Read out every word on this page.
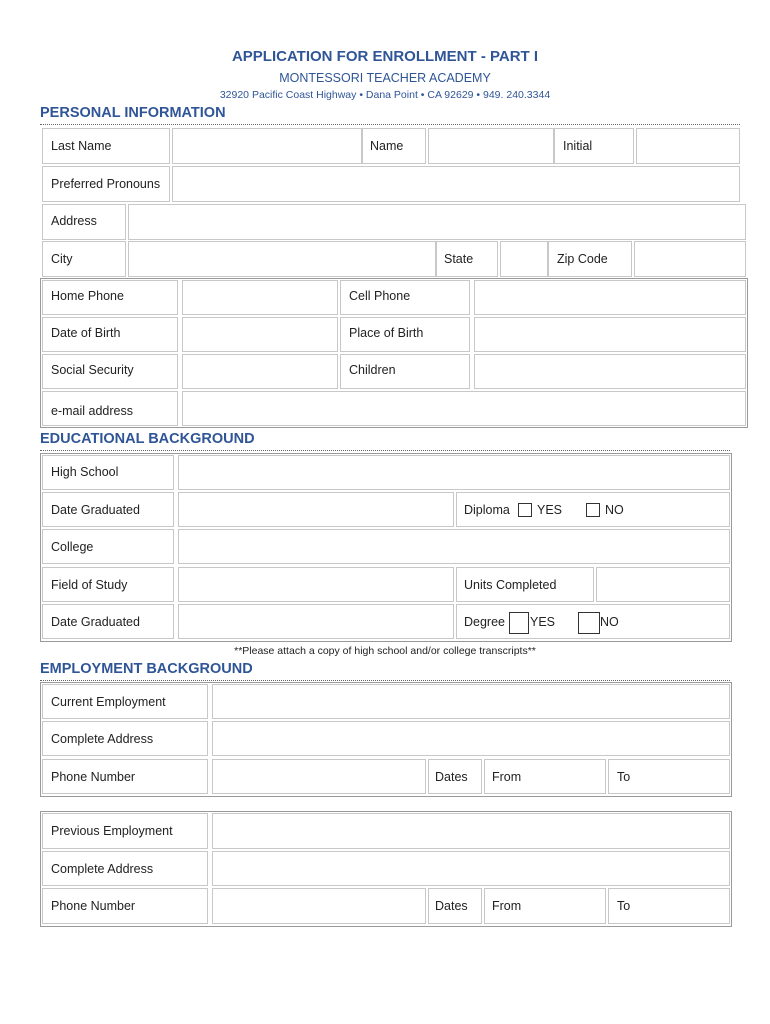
APPLICATION FOR ENROLLMENT - PART I
MONTESSORI TEACHER ACADEMY
32920 Pacific Coast Highway • Dana Point • CA 92629 • 949. 240.3344
PERSONAL INFORMATION
Last Name	Name	Initial
Preferred Pronouns
Address
City	State	Zip Code
Home Phone	Cell Phone
Date of Birth	Place of Birth
Social Security	Children
e-mail address
EDUCATIONAL BACKGROUND
High School
Date Graduated	Diploma YES	NO
College
Field of Study	Units Completed
Date Graduated	Degree YES	NO
**Please attach a copy of high school and/or college transcripts**
EMPLOYMENT BACKGROUND
Current Employment
Complete Address
Phone Number	Dates From	To
Previous Employment
Complete Address
Phone Number	Dates From	To
